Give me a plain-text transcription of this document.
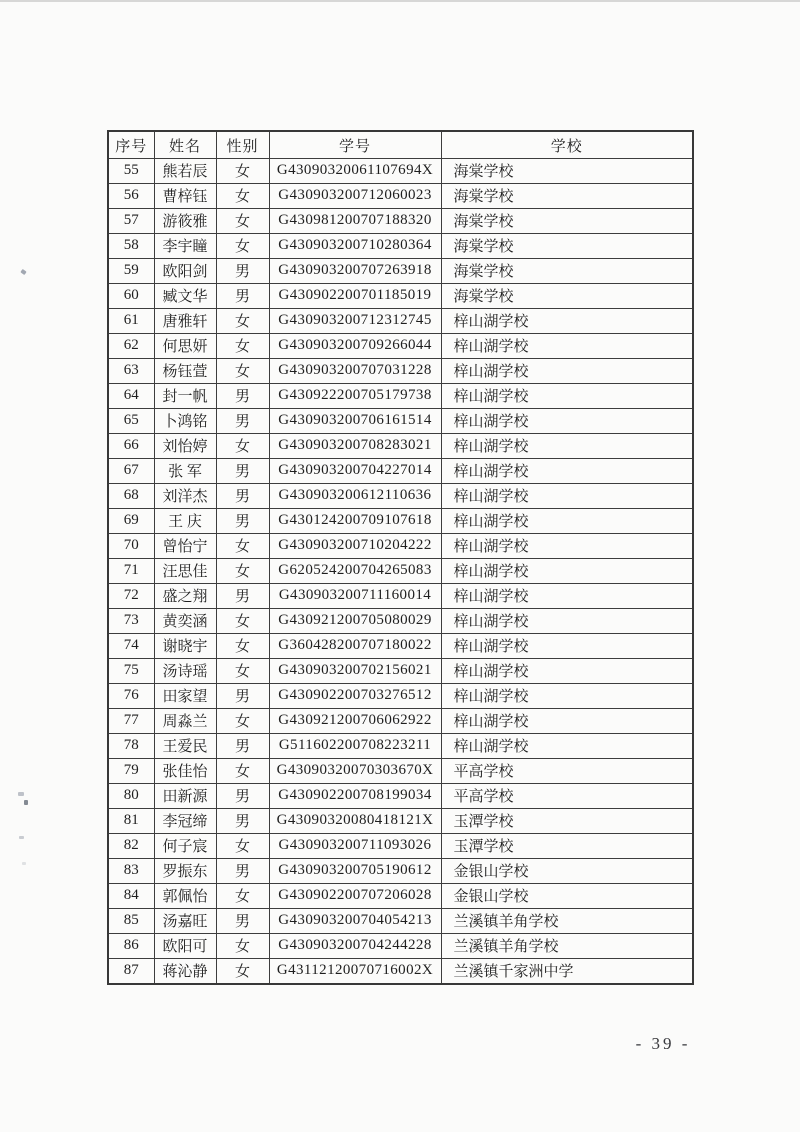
序号	姓名	性别	学号	学校
55	熊若辰	女	G43090320061107694X	海棠学校
56	曹梓钰	女	G430903200712060023	海棠学校
57	游筱雅	女	G430981200707188320	海棠学校
58	李宇瞳	女	G430903200710280364	海棠学校
59	欧阳剑	男	G430903200707263918	海棠学校
60	臧文华	男	G430902200701185019	海棠学校
61	唐雅轩	女	G430903200712312745	梓山湖学校
62	何思妍	女	G430903200709266044	梓山湖学校
63	杨钰萱	女	G430903200707031228	梓山湖学校
64	封一帆	男	G430922200705179738	梓山湖学校
65	卜鸿铭	男	G430903200706161514	梓山湖学校
66	刘怡婷	女	G430903200708283021	梓山湖学校
67	张 军	男	G430903200704227014	梓山湖学校
68	刘洋杰	男	G430903200612110636	梓山湖学校
69	王 庆	男	G430124200709107618	梓山湖学校
70	曾怡宁	女	G430903200710204222	梓山湖学校
71	汪思佳	女	G620524200704265083	梓山湖学校
72	盛之翔	男	G430903200711160014	梓山湖学校
73	黄奕涵	女	G430921200705080029	梓山湖学校
74	谢晓宇	女	G360428200707180022	梓山湖学校
75	汤诗瑶	女	G430903200702156021	梓山湖学校
76	田家望	男	G430902200703276512	梓山湖学校
77	周淼兰	女	G430921200706062922	梓山湖学校
78	王爱民	男	G511602200708223211	梓山湖学校
79	张佳怡	女	G43090320070303670X	平高学校
80	田新源	男	G430902200708199034	平高学校
81	李冠缔	男	G43090320080418121X	玉潭学校
82	何子宸	女	G430903200711093026	玉潭学校
83	罗振东	男	G430903200705190612	金银山学校
84	郭佩怡	女	G430902200707206028	金银山学校
85	汤嘉旺	男	G430903200704054213	兰溪镇羊角学校
86	欧阳可	女	G430903200704244228	兰溪镇羊角学校
87	蒋沁静	女	G43112120070716002X	兰溪镇千家洲中学
- 39 -
